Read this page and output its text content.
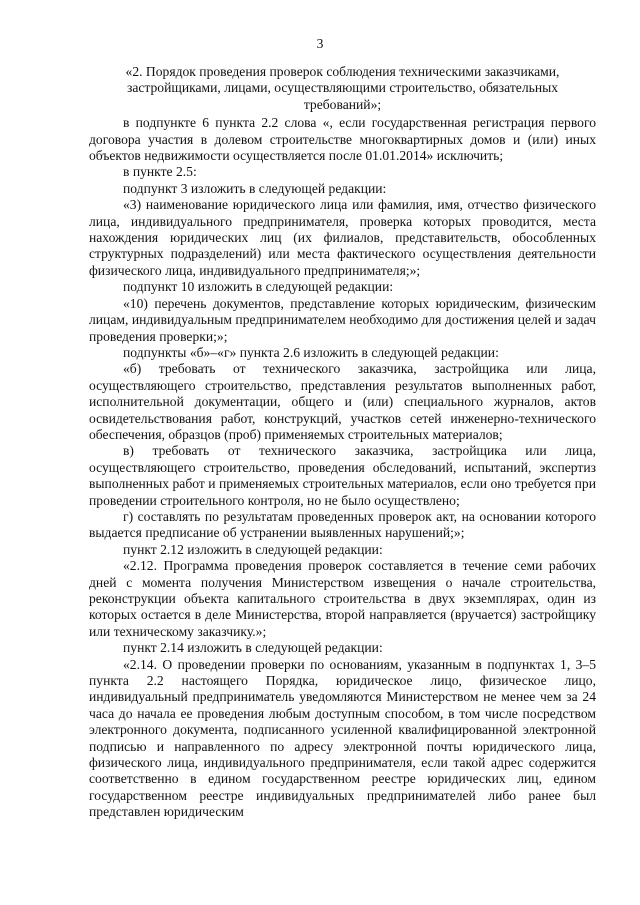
3
«2. Порядок проведения проверок соблюдения техническими заказчиками,
застройщиками, лицами, осуществляющими строительство, обязательных
требований»;

в подпункте 6 пункта 2.2 слова «, если государственная регистрация первого договора участия в долевом строительстве многоквартирных домов и (или) иных объектов недвижимости осуществляется после 01.01.2014» исключить;

в пункте 2.5:

подпункт 3 изложить в следующей редакции:

«3) наименование юридического лица или фамилия, имя, отчество физического лица, индивидуального предпринимателя, проверка которых проводится, места нахождения юридических лиц (их филиалов, представительств, обособленных структурных подразделений) или места фактического осуществления деятельности физического лица, индивидуального предпринимателя;»;

подпункт 10 изложить в следующей редакции:

«10) перечень документов, представление которых юридическим, физическим лицам, индивидуальным предпринимателем необходимо для достижения целей и задач проведения проверки;»;

подпункты «б»–«г» пункта 2.6 изложить в следующей редакции:

«б) требовать от технического заказчика, застройщика или лица, осуществляющего строительство, представления результатов выполненных работ, исполнительной документации, общего и (или) специального журналов, актов освидетельствования работ, конструкций, участков сетей инженерно-технического обеспечения, образцов (проб) применяемых строительных материалов;

в) требовать от технического заказчика, застройщика или лица, осуществляющего строительство, проведения обследований, испытаний, экспертиз выполненных работ и применяемых строительных материалов, если оно требуется при проведении строительного контроля, но не было осуществлено;

г) составлять по результатам проведенных проверок акт, на основании которого выдается предписание об устранении выявленных нарушений;»;

пункт 2.12 изложить в следующей редакции:

«2.12. Программа проведения проверок составляется в течение семи рабочих дней с момента получения Министерством извещения о начале строительства, реконструкции объекта капитального строительства в двух экземплярах, один из которых остается в деле Министерства, второй направляется (вручается) застройщику или техническому заказчику.»;

пункт 2.14 изложить в следующей редакции:

«2.14. О проведении проверки по основаниям, указанным в подпунктах 1, 3–5 пункта 2.2 настоящего Порядка, юридическое лицо, физическое лицо, индивидуальный предприниматель уведомляются Министерством не менее чем за 24 часа до начала ее проведения любым доступным способом, в том числе посредством электронного документа, подписанного усиленной квалифицированной электронной подписью и направленного по адресу электронной почты юридического лица, физического лица, индивидуального предпринимателя, если такой адрес содержится соответственно в едином государственном реестре юридических лиц, едином государственном реестре индивидуальных предпринимателей либо ранее был представлен юридическим
